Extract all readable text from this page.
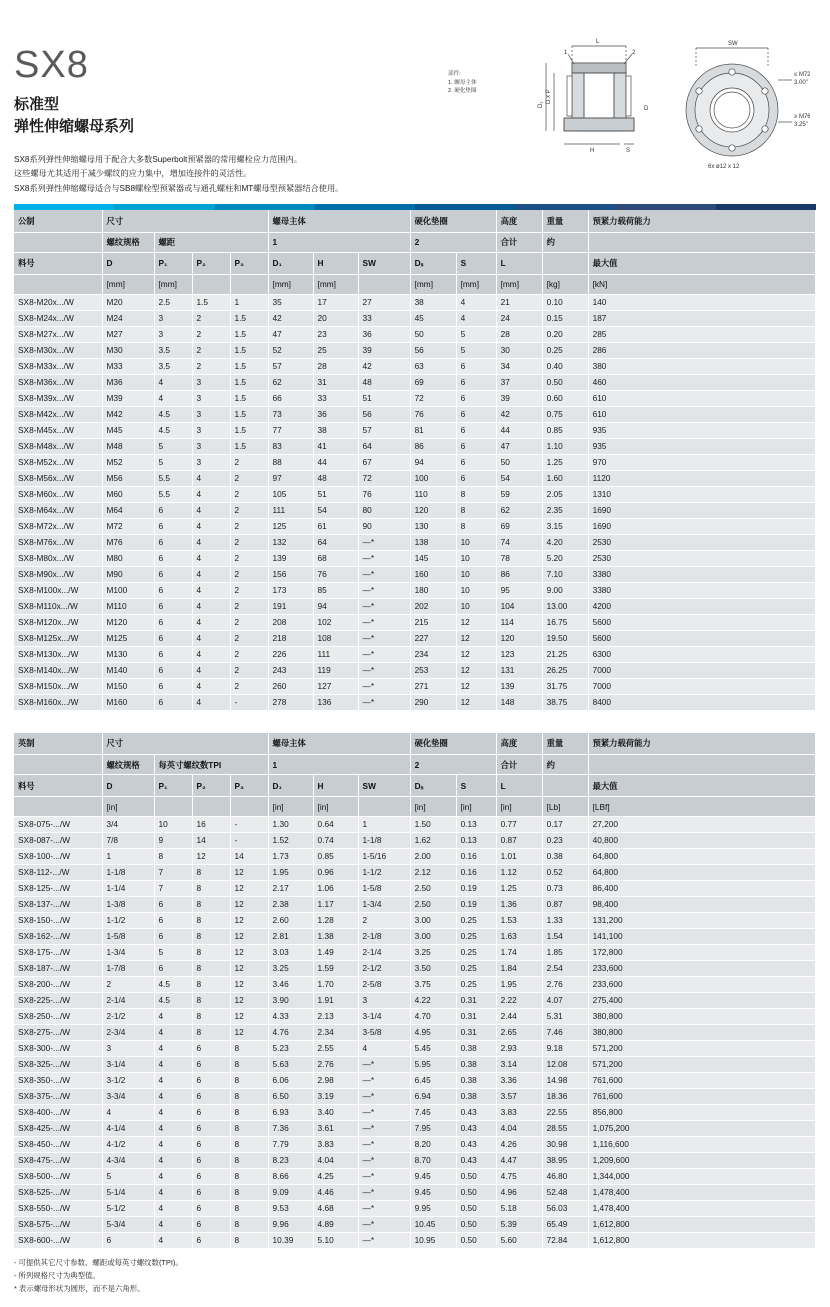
SX8
标准型
弹性伸缩螺母系列
SX8系列弹性伸缩螺母用于配合大多数Superbolt预紧器的常用螺栓应力范围内。
这些螺母尤其适用于减少螺纹的应力集中，增加连接件的灵活性。
SX8系列弹性伸缩螺母适合与SB8螺栓型预紧器或与通孔螺柱和MT螺母型预紧器结合使用。
部件:
1. 螺母主体
2. 硬化垫圈
L	SW
1	2
H	S
D x P
D₁
D
≤ M72
3.00"
≥ M76
3.25"
6x ø12 x 12
公制	尺寸				螺母主体			硬化垫圈		高度	重量	预紧力载荷能力
	螺纹规格	螺距			1			2		合计	约	
料号	D	P₁	P₂	P₃	D₁	H	SW	Dₛ	S	L		最大值
	[mm]	[mm]			[mm]	[mm]		[mm]	[mm]	[mm]	[kg]	[kN]
SX8-M20x.../W	M20	2.5	1.5	1	35	17	27	38	4	21	0.10	140
SX8-M24x.../W	M24	3	2	1.5	42	20	33	45	4	24	0.15	187
SX8-M27x.../W	M27	3	2	1.5	47	23	36	50	5	28	0.20	285
SX8-M30x.../W	M30	3.5	2	1.5	52	25	39	56	5	30	0.25	286
SX8-M33x.../W	M33	3.5	2	1.5	57	28	42	63	6	34	0.40	380
SX8-M36x.../W	M36	4	3	1.5	62	31	48	69	6	37	0.50	460
SX8-M39x.../W	M39	4	3	1.5	66	33	51	72	6	39	0.60	610
SX8-M42x.../W	M42	4.5	3	1.5	73	36	56	76	6	42	0.75	610
SX8-M45x.../W	M45	4.5	3	1.5	77	38	57	81	6	44	0.85	935
SX8-M48x.../W	M48	5	3	1.5	83	41	64	86	6	47	1.10	935
SX8-M52x.../W	M52	5	3	2	88	44	67	94	6	50	1.25	970
SX8-M56x.../W	M56	5.5	4	2	97	48	72	100	6	54	1.60	1120
SX8-M60x.../W	M60	5.5	4	2	105	51	76	110	8	59	2.05	1310
SX8-M64x.../W	M64	6	4	2	111	54	80	120	8	62	2.35	1690
SX8-M72x.../W	M72	6	4	2	125	61	90	130	8	69	3.15	1690
SX8-M76x.../W	M76	6	4	2	132	64	—*	138	10	74	4.20	2530
SX8-M80x.../W	M80	6	4	2	139	68	—*	145	10	78	5.20	2530
SX8-M90x.../W	M90	6	4	2	156	76	—*	160	10	86	7.10	3380
SX8-M100x.../W	M100	6	4	2	173	85	—*	180	10	95	9.00	3380
SX8-M110x.../W	M110	6	4	2	191	94	—*	202	10	104	13.00	4200
SX8-M120x.../W	M120	6	4	2	208	102	—*	215	12	114	16.75	5600
SX8-M125x.../W	M125	6	4	2	218	108	—*	227	12	120	19.50	5600
SX8-M130x.../W	M130	6	4	2	226	111	—*	234	12	123	21.25	6300
SX8-M140x.../W	M140	6	4	2	243	119	—*	253	12	131	26.25	7000
SX8-M150x.../W	M150	6	4	2	260	127	—*	271	12	139	31.75	7000
SX8-M160x.../W	M160	6	4	-	278	136	—*	290	12	148	38.75	8400
英制	尺寸				螺母主体			硬化垫圈		高度	重量	预紧力载荷能力
	螺纹规格	每英寸螺纹数TPI			1			2		合计	约	
料号	D	P₁	P₂	P₃	D₁	H	SW	Dₛ	S	L		最大值
	[in]				[in]	[in]		[in]	[in]	[in]	[Lb]	[LBf]
SX8-075-.../W	3/4	10	16	-	1.30	0.64	1	1.50	0.13	0.77	0.17	27,200
SX8-087-.../W	7/8	9	14	-	1.52	0.74	1-1/8	1.62	0.13	0.87	0.23	40,800
SX8-100-.../W	1	8	12	14	1.73	0.85	1-5/16	2.00	0.16	1.01	0.38	64,800
SX8-112-.../W	1-1/8	7	8	12	1.95	0.96	1-1/2	2.12	0.16	1.12	0.52	64,800
SX8-125-.../W	1-1/4	7	8	12	2.17	1.06	1-5/8	2.50	0.19	1.25	0.73	86,400
SX8-137-.../W	1-3/8	6	8	12	2.38	1.17	1-3/4	2.50	0.19	1.36	0.87	98,400
SX8-150-.../W	1-1/2	6	8	12	2.60	1.28	2	3.00	0.25	1.53	1.33	131,200
SX8-162-.../W	1-5/8	6	8	12	2.81	1.38	2-1/8	3.00	0.25	1.63	1.54	141,100
SX8-175-.../W	1-3/4	5	8	12	3.03	1.49	2-1/4	3.25	0.25	1.74	1.85	172,800
SX8-187-.../W	1-7/8	6	8	12	3.25	1.59	2-1/2	3.50	0.25	1.84	2.54	233,600
SX8-200-.../W	2	4.5	8	12	3.46	1.70	2-5/8	3.75	0.25	1.95	2.76	233,600
SX8-225-.../W	2-1/4	4.5	8	12	3.90	1.91	3	4.22	0.31	2.22	4.07	275,400
SX8-250-.../W	2-1/2	4	8	12	4.33	2.13	3-1/4	4.70	0.31	2.44	5.31	380,800
SX8-275-.../W	2-3/4	4	8	12	4.76	2.34	3-5/8	4.95	0.31	2.65	7.46	380,800
SX8-300-.../W	3	4	6	8	5.23	2.55	4	5.45	0.38	2.93	9.18	571,200
SX8-325-.../W	3-1/4	4	6	8	5.63	2.76	—*	5.95	0.38	3.14	12.08	571,200
SX8-350-.../W	3-1/2	4	6	8	6.06	2.98	—*	6.45	0.38	3.36	14.98	761,600
SX8-375-.../W	3-3/4	4	6	8	6.50	3.19	—*	6.94	0.38	3.57	18.36	761,600
SX8-400-.../W	4	4	6	8	6.93	3.40	—*	7.45	0.43	3.83	22.55	856,800
SX8-425-.../W	4-1/4	4	6	8	7.36	3.61	—*	7.95	0.43	4.04	28.55	1,075,200
SX8-450-.../W	4-1/2	4	6	8	7.79	3.83	—*	8.20	0.43	4.26	30.98	1,116,600
SX8-475-.../W	4-3/4	4	6	8	8.23	4.04	—*	8.70	0.43	4.47	38.95	1,209,600
SX8-500-.../W	5	4	6	8	8.66	4.25	—*	9.45	0.50	4.75	46.80	1,344,000
SX8-525-.../W	5-1/4	4	6	8	9.09	4.46	—*	9.45	0.50	4.96	52.48	1,478,400
SX8-550-.../W	5-1/2	4	6	8	9.53	4.68	—*	9.95	0.50	5.18	56.03	1,478,400
SX8-575-.../W	5-3/4	4	6	8	9.96	4.89	—*	10.45	0.50	5.39	65.49	1,612,800
SX8-600-.../W	6	4	6	8	10.39	5.10	—*	10.95	0.50	5.60	72.84	1,612,800
- 可提供其它尺寸参数、螺距或每英寸螺纹数(TPI)。
- 所列规格尺寸为典型值。
* 表示螺母形状为圆形，而不是六角形。
